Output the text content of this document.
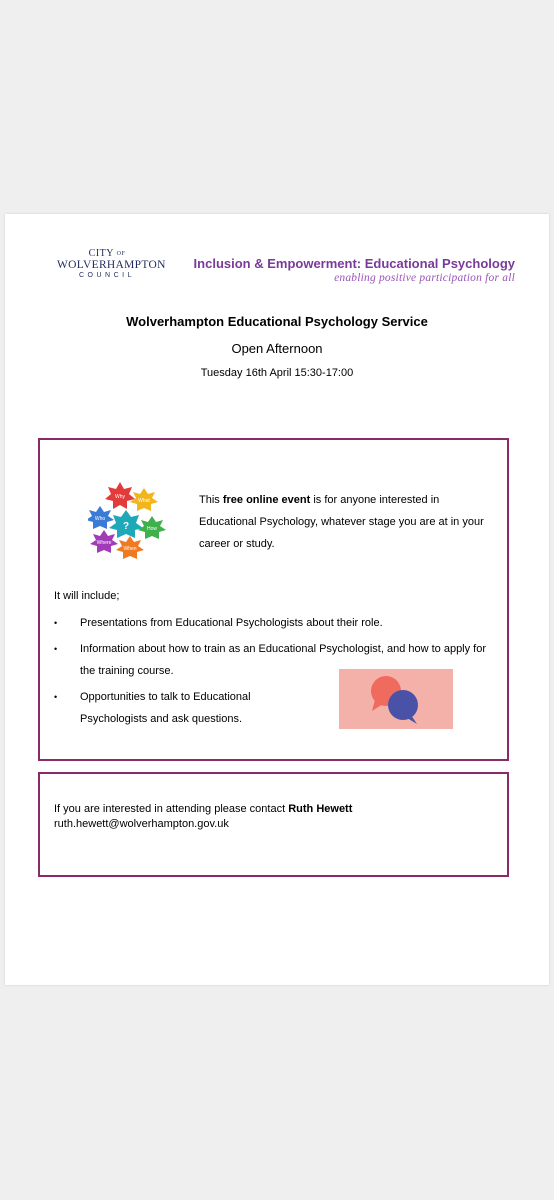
CITY $^{OF}$
WOLVERHAMPTON
COUNCIL
Inclusion & Empowerment: Educational Psychology
enabling positive participation for all
Wolverhampton Educational Psychology Service
Open Afternoon
Tuesday 16th April 15:30-17:00
Why
What
Who
?	How
Where
When
This free online event is for anyone interested in Educational Psychology, whatever stage you are at in your career or study.
It will include;
• Presentations from Educational Psychologists about their role.
• Information about how to train as an Educational Psychologist, and how to apply for the training course.
• Opportunities to talk to Educational Psychologists and ask questions.
If you are interested in attending please contact Ruth Hewett
ruth.hewett@wolverhampton.gov.uk
